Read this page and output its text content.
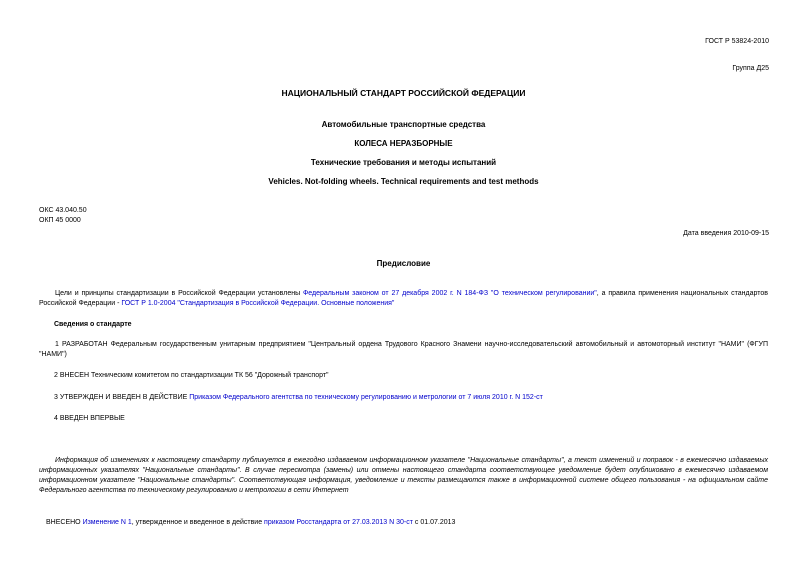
ГОСТ Р 53824-2010
Группа Д25
НАЦИОНАЛЬНЫЙ СТАНДАРТ РОССИЙСКОЙ ФЕДЕРАЦИИ
Автомобильные транспортные средства
КОЛЕСА НЕРАЗБОРНЫЕ
Технические требования и методы испытаний
Vehicles. Not-folding wheels. Technical requirements and test methods
ОКС 43.040.50
ОКП 45 0000
Дата введения 2010-09-15
Предисловие
Цели и принципы стандартизации в Российской Федерации установлены Федеральным законом от 27 декабря 2002 г. N 184-ФЗ "О техническом регулировании", а правила применения национальных стандартов Российской Федерации - ГОСТ Р 1.0-2004 "Стандартизация в Российской Федерации. Основные положения"
Сведения о стандарте
1 РАЗРАБОТАН Федеральным государственным унитарным предприятием "Центральный ордена Трудового Красного Знамени научно-исследовательский автомобильный и автомоторный институт "НАМИ" (ФГУП "НАМИ")
2 ВНЕСЕН Техническим комитетом по стандартизации ТК 56 "Дорожный транспорт"
3 УТВЕРЖДЕН И ВВЕДЕН В ДЕЙСТВИЕ Приказом Федерального агентства по техническому регулированию и метрологии от 7 июля 2010 г. N 152-ст
4 ВВЕДЕН ВПЕРВЫЕ
Информация об изменениях к настоящему стандарту публикуется в ежегодно издаваемом информационном указателе "Национальные стандарты", а текст изменений и поправок - в ежемесячно издаваемых информационных указателях "Национальные стандарты". В случае пересмотра (замены) или отмены настоящего стандарта соответствующее уведомление будет опубликовано в ежемесячно издаваемом информационном указателе "Национальные стандарты". Соответствующая информация, уведомление и тексты размещаются также в информационной системе общего пользования - на официальном сайте Федерального агентства по техническому регулированию и метрологии в сети Интернет
ВНЕСЕНО Изменение N 1, утвержденное и введенное в действие приказом Росстандарта от 27.03.2013 N 30-ст с 01.07.2013
